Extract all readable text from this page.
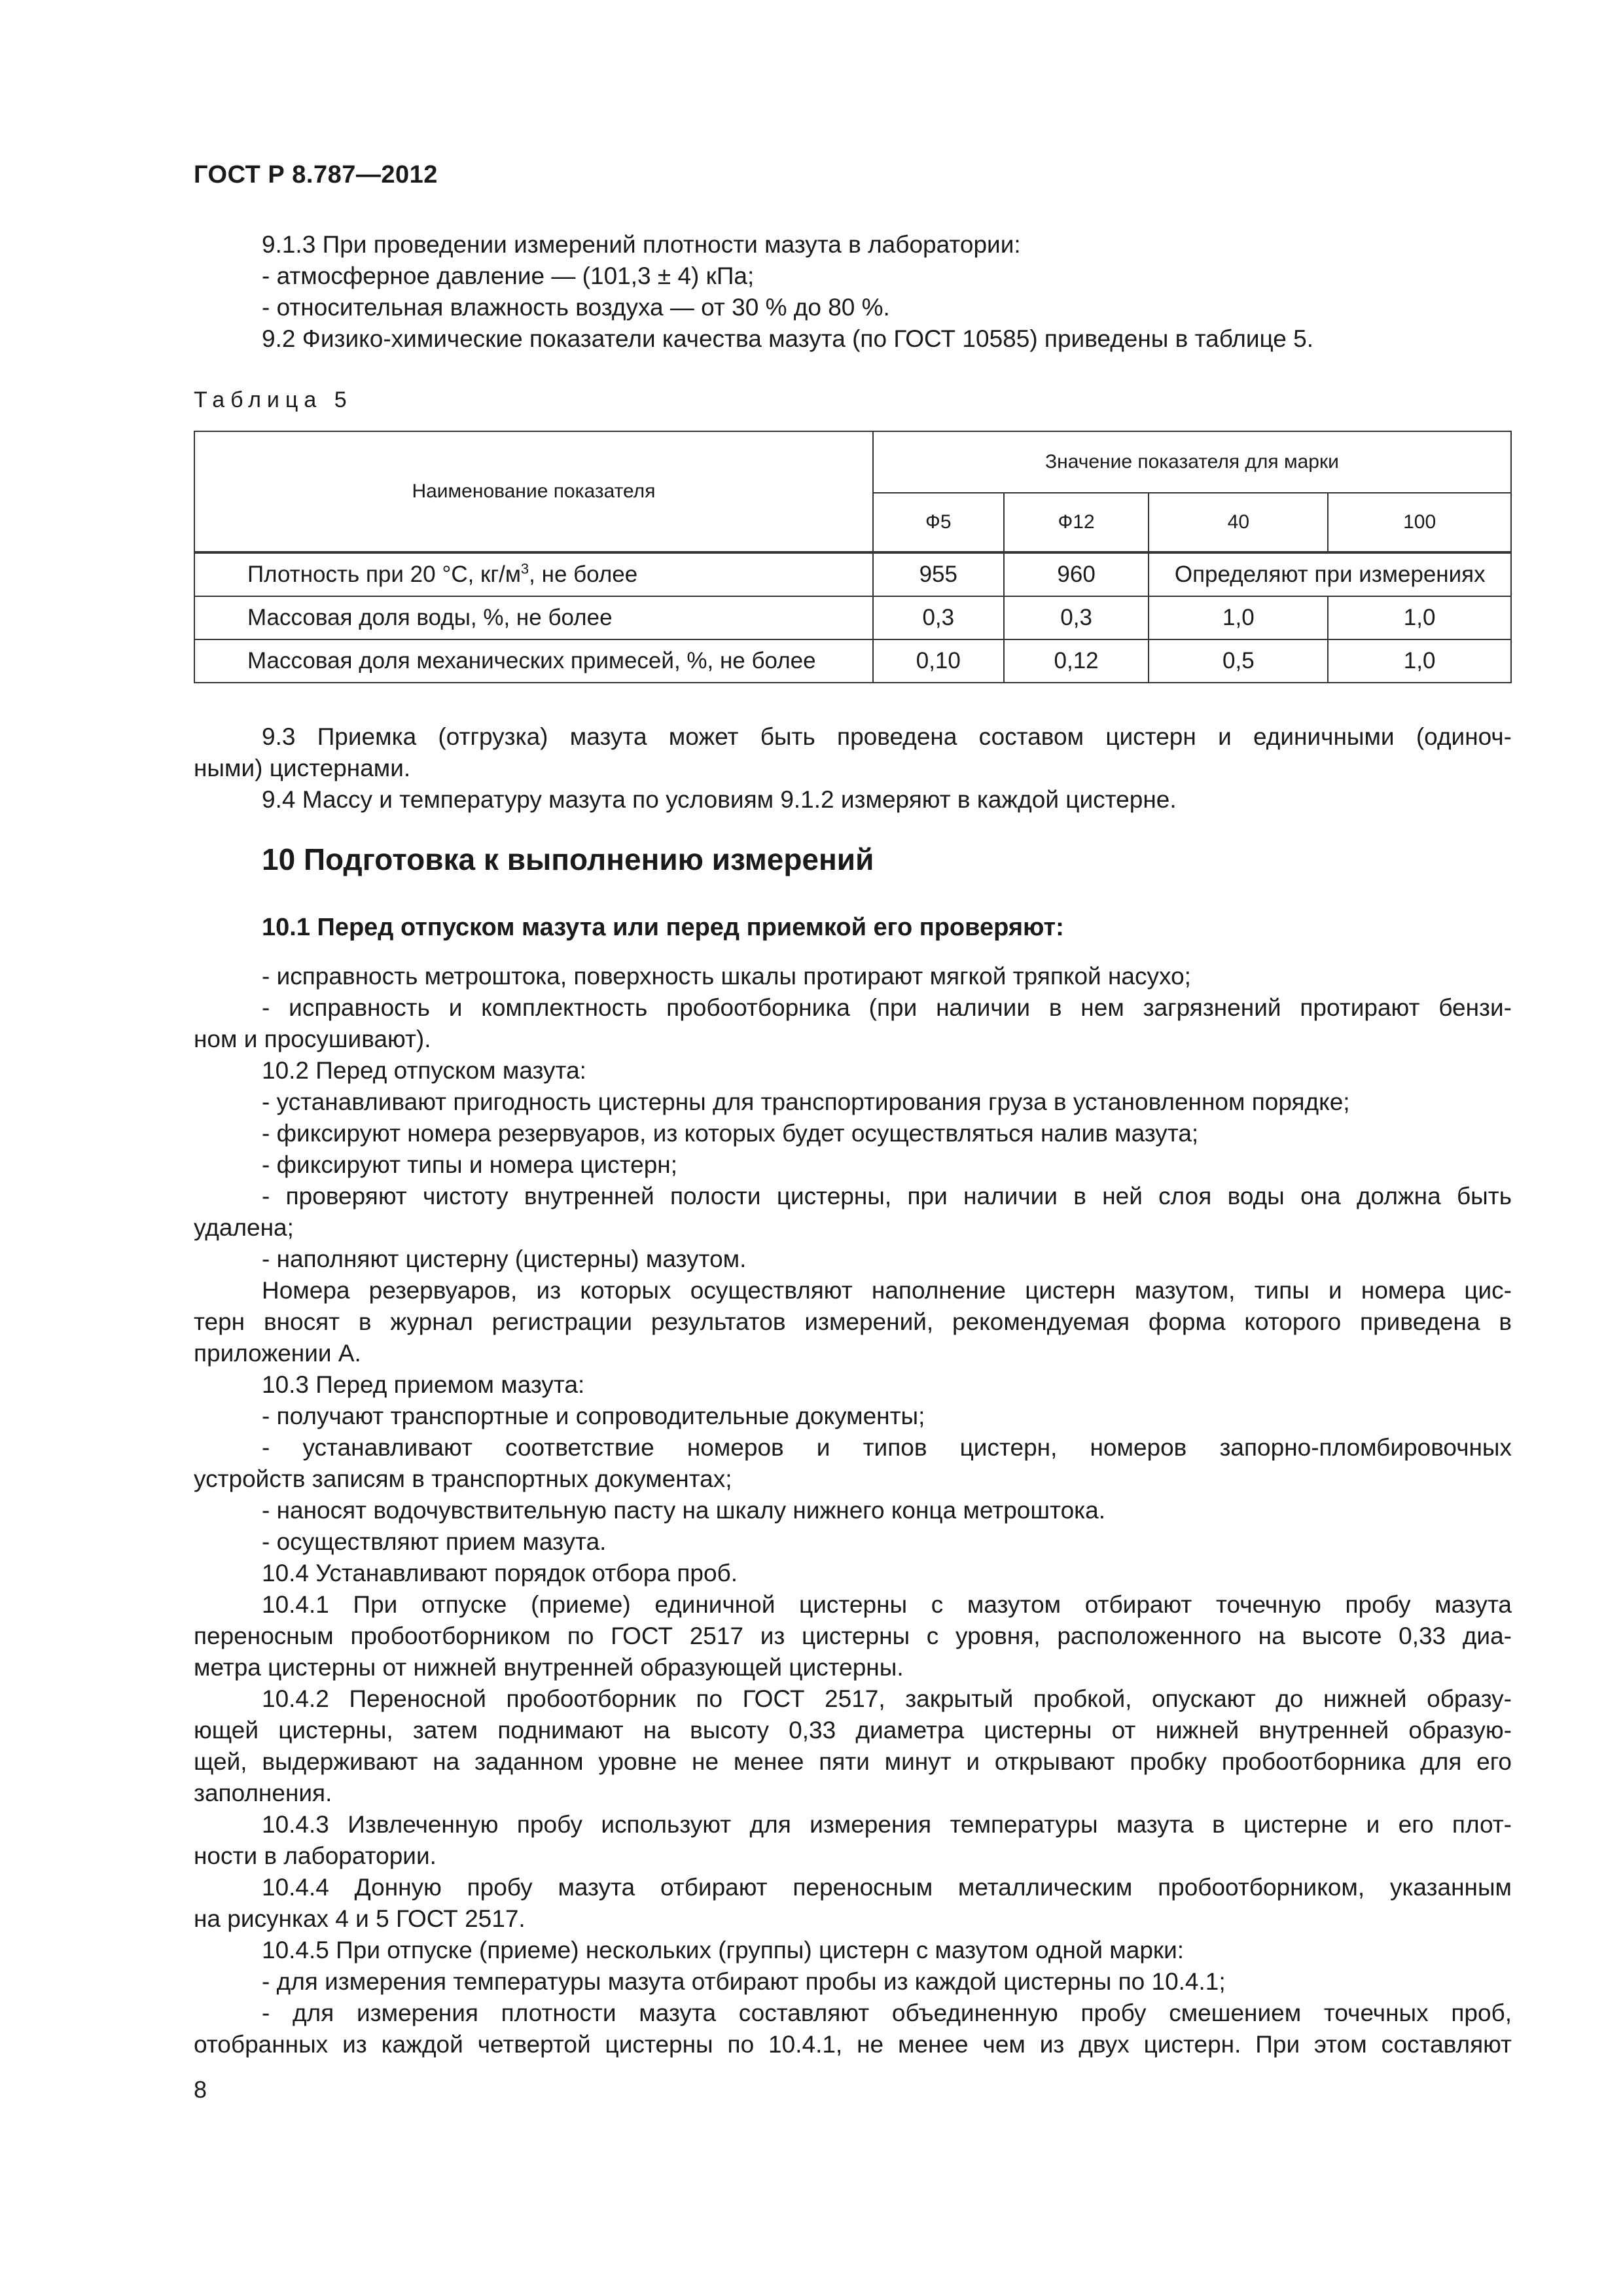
ГОСТ Р 8.787—2012
9.1.3 При проведении измерений плотности мазута в лаборатории:
- атмосферное давление — (101,3 ± 4) кПа;
- относительная влажность воздуха — от 30 % до 80 %.
9.2 Физико-химические показатели качества мазута (по ГОСТ 10585) приведены в таблице 5.
Таблица 5
Наименование показателя	Значение показателя для марки			
	Ф5	Ф12	40	100
Плотность при 20 °С, $кг/м^3$, не более	955	960	Определяют при измерениях	
Массовая доля воды, %, не более	0,3	0,3	1,0	1,0
Массовая доля механических примесей, %, не более	0,10	0,12	0,5	1,0
9.3 Приемка (отгрузка) мазута может быть проведена составом цистерн и единичными (одиноч-
ными) цистернами.
9.4 Массу и температуру мазута по условиям 9.1.2 измеряют в каждой цистерне.
10 Подготовка к выполнению измерений
10.1 Перед отпуском мазута или перед приемкой его проверяют:
- исправность метроштока, поверхность шкалы протирают мягкой тряпкой насухо;
- исправность и комплектность пробоотборника (при наличии в нем загрязнений протирают бензи-
ном и просушивают).
10.2 Перед отпуском мазута:
- устанавливают пригодность цистерны для транспортирования груза в установленном порядке;
- фиксируют номера резервуаров, из которых будет осуществляться налив мазута;
- фиксируют типы и номера цистерн;
- проверяют чистоту внутренней полости цистерны, при наличии в ней слоя воды она должна быть
удалена;
- наполняют цистерну (цистерны) мазутом.
Номера резервуаров, из которых осуществляют наполнение цистерн мазутом, типы и номера цис-
терн вносят в журнал регистрации результатов измерений, рекомендуемая форма которого приведена в
приложении А.
10.3 Перед приемом мазута:
- получают транспортные и сопроводительные документы;
- устанавливают соответствие номеров и типов цистерн, номеров запорно-пломбировочных
устройств записям в транспортных документах;
- наносят водочувствительную пасту на шкалу нижнего конца метроштока.
- осуществляют прием мазута.
10.4 Устанавливают порядок отбора проб.
10.4.1 При отпуске (приеме) единичной цистерны с мазутом отбирают точечную пробу мазута
переносным пробоотборником по ГОСТ 2517 из цистерны с уровня, расположенного на высоте 0,33 диа-
метра цистерны от нижней внутренней образующей цистерны.
10.4.2 Переносной пробоотборник по ГОСТ 2517, закрытый пробкой, опускают до нижней образу-
ющей цистерны, затем поднимают на высоту 0,33 диаметра цистерны от нижней внутренней образую-
щей, выдерживают на заданном уровне не менее пяти минут и открывают пробку пробоотборника для его
заполнения.
10.4.3 Извлеченную пробу используют для измерения температуры мазута в цистерне и его плот-
ности в лаборатории.
10.4.4 Донную пробу мазута отбирают переносным металлическим пробоотборником, указанным
на рисунках 4 и 5 ГОСТ 2517.
10.4.5 При отпуске (приеме) нескольких (группы) цистерн с мазутом одной марки:
- для измерения температуры мазута отбирают пробы из каждой цистерны по 10.4.1;
- для измерения плотности мазута составляют объединенную пробу смешением точечных проб,
отобранных из каждой четвертой цистерны по 10.4.1, не менее чем из двух цистерн. При этом составляют
8
